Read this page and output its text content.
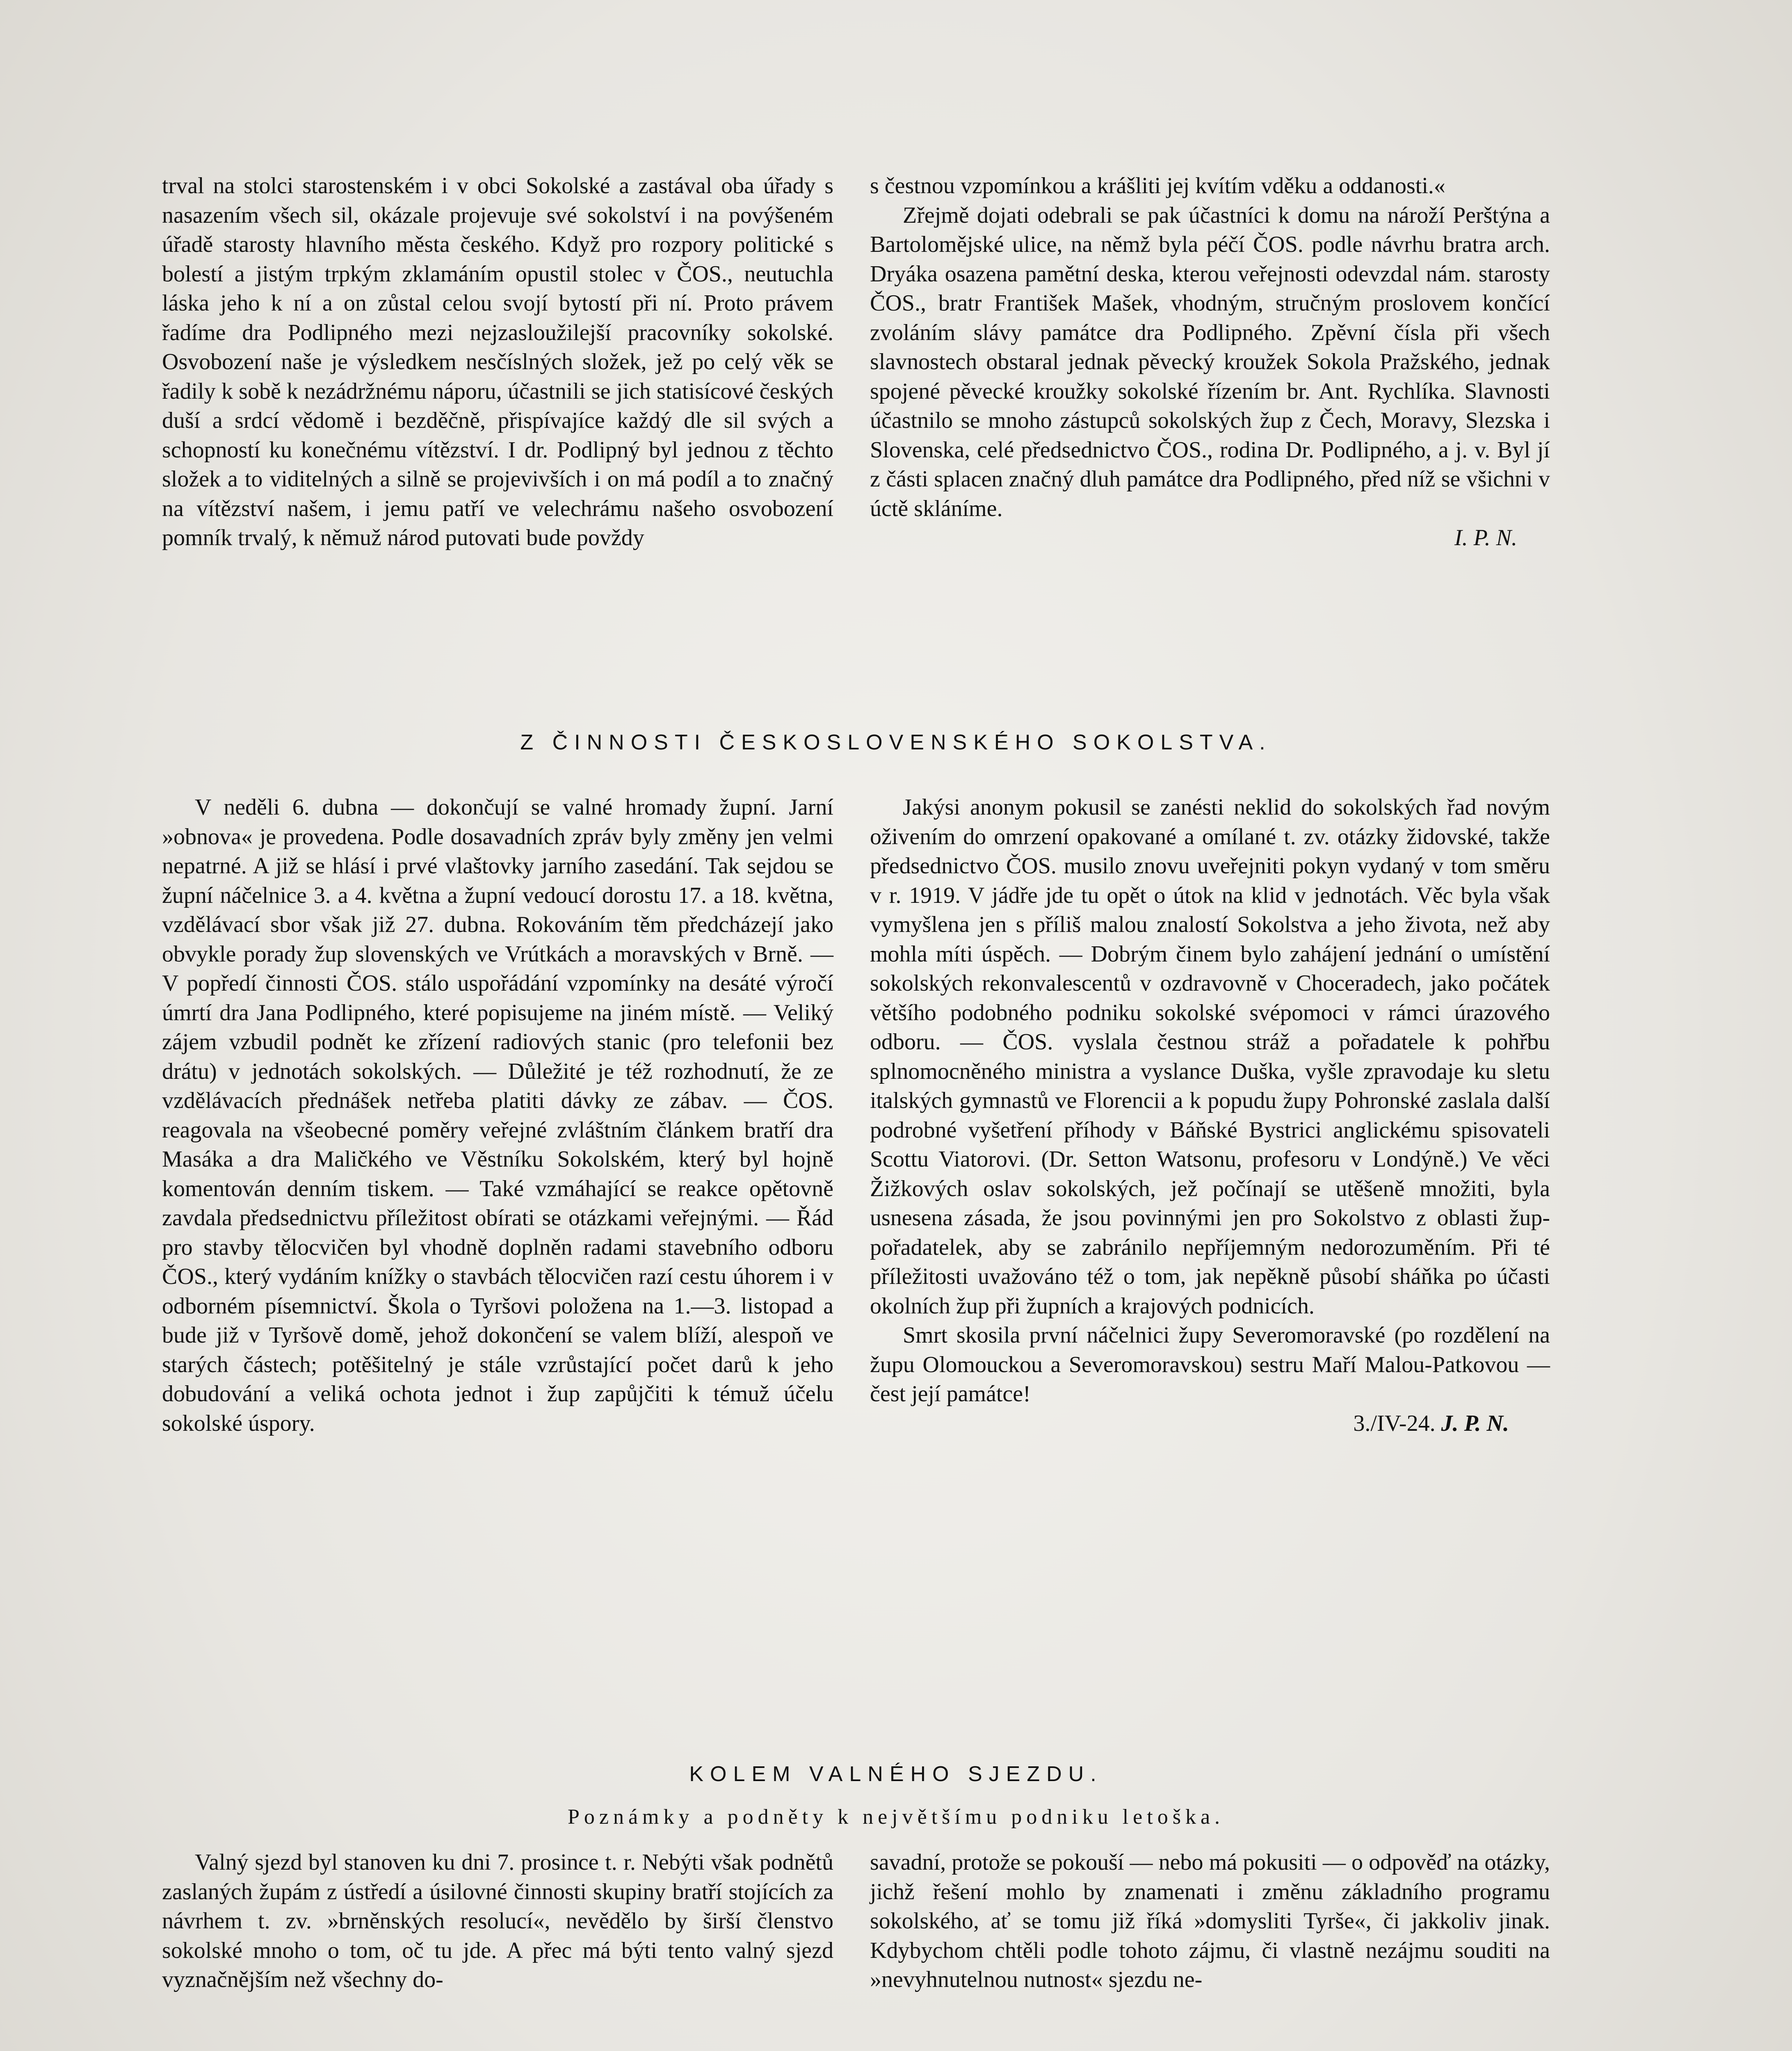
trval na stolci starostenském i v obci Sokolské a zastával oba úřady s nasazením všech sil, okázale projevuje své sokolství i na povýšeném úřadě starosty hlavního města českého. Když pro rozpory politické s bolestí a jistým trpkým zklamáním opustil stolec v ČOS., neutuchla láska jeho k ní a on zůstal celou svojí bytostí při ní. Proto právem řadíme dra Podlipného mezi nejzasloužilejší pracovníky sokolské. Osvobození naše je výsledkem nesčíslných složek, jež po celý věk se řadily k sobě k nezádržnému náporu, účastnili se jich statisícové českých duší a srdcí vědomě i bezděčně, přispívajíce každý dle sil svých a schopností ku konečnému vítězství. I dr. Podlipný byl jednou z těchto složek a to viditelných a silně se projevivších i on má podíl a to značný na vítězství našem, i jemu patří ve velechrámu našeho osvobození pomník trvalý, k němuž národ putovati bude povždy

s čestnou vzpomínkou a krášliti jej kvítím vděku a oddanosti.«

Zřejmě dojati odebrali se pak účastníci k domu na nároží Perštýna a Bartolomějské ulice, na němž byla péčí ČOS. podle návrhu bratra arch. Dryáka osazena pamětní deska, kterou veřejnosti odevzdal nám. starosty ČOS., bratr František Mašek, vhodným, stručným proslovem končící zvoláním slávy památce dra Podlipného. Zpěvní čísla při všech slavnostech obstaral jednak pěvecký kroužek Sokola Pražského, jednak spojené pěvecké kroužky sokolské řízením br. Ant. Rychlíka. Slavnosti účastnilo se mnoho zástupců sokolských žup z Čech, Moravy, Slezska i Slovenska, celé předsednictvo ČOS., rodina Dr. Podlipného, a j. v. Byl jí z části splacen značný dluh památce dra Podlipného, před níž se všichni v úctě skláníme.

I. P. N.

Z ČINNOSTI ČESKOSLOVENSKÉHO SOKOLSTVA.

V neděli 6. dubna — dokončují se valné hromady župní. Jarní »obnova« je provedena. Podle dosavadních zpráv byly změny jen velmi nepatrné. A již se hlásí i prvé vlaštovky jarního zasedání. Tak sejdou se župní náčelnice 3. a 4. května a župní vedoucí dorostu 17. a 18. května, vzdělávací sbor však již 27. dubna. Rokováním těm předcházejí jako obvykle porady žup slovenských ve Vrútkách a moravských v Brně. — V popředí činnosti ČOS. stálo uspořádání vzpomínky na desáté výročí úmrtí dra Jana Podlipného, které popisujeme na jiném místě. — Veliký zájem vzbudil podnět ke zřízení radiových stanic (pro telefonii bez drátu) v jednotách sokolských. — Důležité je též rozhodnutí, že ze vzdělávacích přednášek netřeba platiti dávky ze zábav. — ČOS. reagovala na všeobecné poměry veřejné zvláštním článkem bratří dra Masáka a dra Maličkého ve Věstníku Sokolském, který byl hojně komentován denním tiskem. — Také vzmáhající se reakce opětovně zavdala předsednictvu příležitost obírati se otázkami veřejnými. — Řád pro stavby tělocvičen byl vhodně doplněn radami stavebního odboru ČOS., který vydáním knížky o stavbách tělocvičen razí cestu úhorem i v odborném písemnictví. Škola o Tyršovi položena na 1.—3. listopad a bude již v Tyršově domě, jehož dokončení se valem blíží, alespoň ve starých částech; potěšitelný je stále vzrůstající počet darů k jeho dobudování a veliká ochota jednot i žup zapůjčiti k témuž účelu sokolské úspory.

Jakýsi anonym pokusil se zanésti neklid do sokolských řad novým oživením do omrzení opakované a omílané t. zv. otázky židovské, takže předsednictvo ČOS. musilo znovu uveřejniti pokyn vydaný v tom směru v r. 1919. V jádře jde tu opět o útok na klid v jednotách. Věc byla však vymyšlena jen s příliš malou znalostí Sokolstva a jeho života, než aby mohla míti úspěch. — Dobrým činem bylo zahájení jednání o umístění sokolských rekonvalescentů v ozdravovně v Choceradech, jako počátek většího podobného podniku sokolské svépomoci v rámci úrazového odboru. — ČOS. vyslala čestnou stráž a pořadatele k pohřbu splnomocněného ministra a vyslance Duška, vyšle zpravodaje ku sletu italských gymnastů ve Florencii a k popudu župy Pohronské zaslala další podrobné vyšetření příhody v Báňské Bystrici anglickému spisovateli Scottu Viatorovi. (Dr. Setton Watsonu, profesoru v Londýně.) Ve věci Žižkových oslav sokolských, jež počínají se utěšeně množiti, byla usnesena zásada, že jsou povinnými jen pro Sokolstvo z oblasti žup-pořadatelek, aby se zabránilo nepříjemným nedorozuměním. Při té příležitosti uvažováno též o tom, jak nepěkně působí sháňka po účasti okolních žup při župních a krajových podnicích.

Smrt skosila první náčelnici župy Severomoravské (po rozdělení na župu Olomouckou a Severomoravskou) sestru Maří Malou-Patkovou — čest její památce!

3./IV-24. J. P. N.

KOLEM VALNÉHO SJEZDU.
Poznámky a podněty k největšímu podniku letoška.

Valný sjezd byl stanoven ku dni 7. prosince t. r. Nebýti však podnětů zaslaných župám z ústředí a úsilovné činnosti skupiny bratří stojících za návrhem t. zv. »brněnských resolucí«, nevědělo by širší členstvo sokolské mnoho o tom, oč tu jde. A přec má býti tento valný sjezd vyznačnějším než všechny do-

savadní, protože se pokouší — nebo má pokusiti — o odpověď na otázky, jichž řešení mohlo by znamenati i změnu základního programu sokolského, ať se tomu již říká »domysliti Tyrše«, či jakkoliv jinak. Kdybychom chtěli podle tohoto zájmu, či vlastně nezájmu souditi na »nevyhnutelnou nutnost« sjezdu ne-
